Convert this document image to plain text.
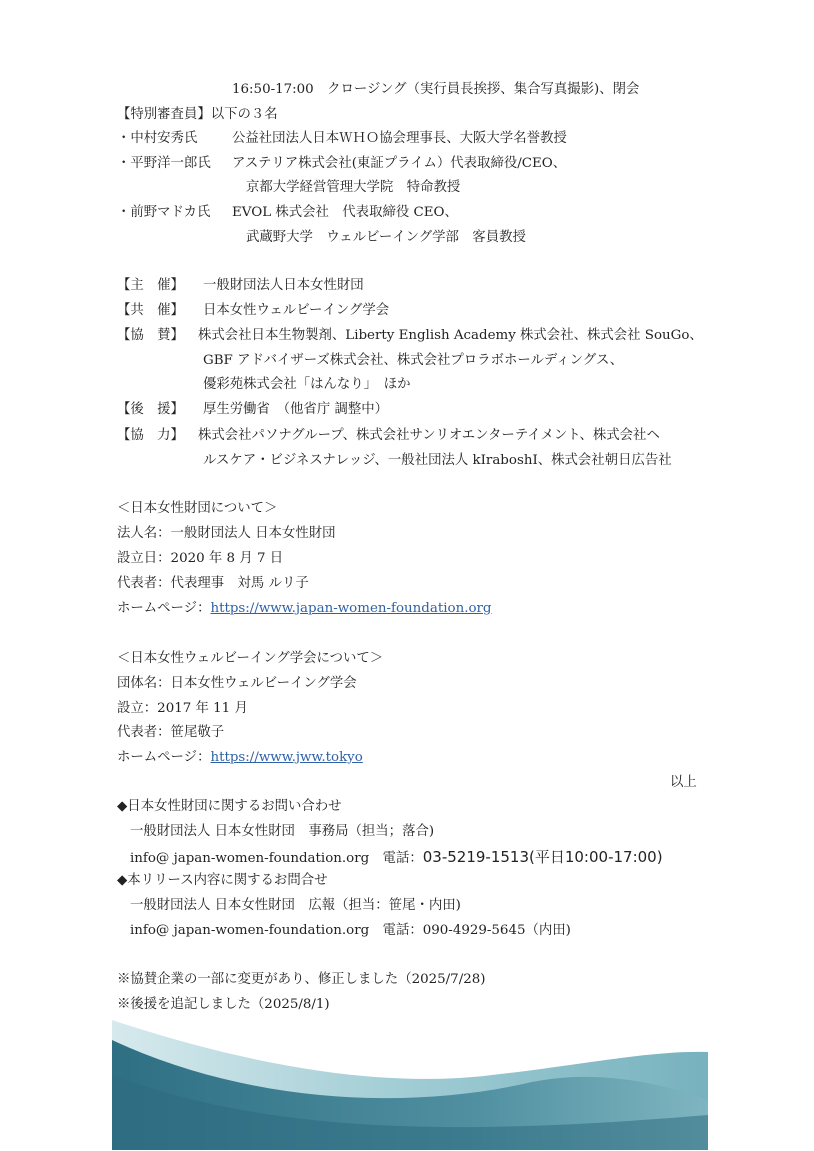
16:50-17:00　クロージング（実行員長挨拶、集合写真撮影)、閉会
【特別審査員】以下の３名
・中村安秀氏	公益社団法人日本ＷＨＯ協会理事長、大阪大学名誉教授
・平野洋一郎氏 アステリア株式会社(東証プライム）代表取締役/CEO、
京都大学経営管理大学院　特命教授
・前野マドカ氏 EVOL 株式会社　代表取締役 CEO、
武蔵野大学　ウェルビーイング学部　客員教授
【主　催】 一般財団法人日本女性財団
【共　催】 日本女性ウェルビーイング学会
【協　賛】 株式会社日本生物製剤、Liberty English Academy 株式会社、株式会社 SouGo、
GBF アドバイザーズ株式会社、株式会社プロラボホールディングス、
優彩苑株式会社「はんなり」　ほか
【後　援】 厚生労働省　（他省庁 調整中）
【協　力】 株式会社パソナグループ、株式会社サンリオエンターテイメント、株式会社ヘ
ルスケア・ビジネスナレッジ、一般社団法人 kIraboshI、株式会社朝日広告社
＜日本女性財団について＞
法人名：一般財団法人 日本女性財団
設立日：2020 年 8 月 7 日
代表者：代表理事　対馬 ルリ子
ホームページ：https://www.japan-women-foundation.org
＜日本女性ウェルビーイング学会について＞
団体名：日本女性ウェルビーイング学会
設立：2017 年 11 月
代表者：笹尾敬子
ホームページ：https://www.jww.tokyo
以上
◆日本女性財団に関するお問い合わせ
一般財団法人 日本女性財団　事務局（担当；落合)
info@ japan-women-foundation.org　電話：03-5219-1513(平日10:00-17:00)
◆本リリース内容に関するお問合せ
一般財団法人 日本女性財団　広報（担当：笹尾・内田)
info@ japan-women-foundation.org　電話：090-4929-5645（内田)
※協賛企業の一部に変更があり、修正しました（2025/7/28)
※後援を追記しました（2025/8/1)
